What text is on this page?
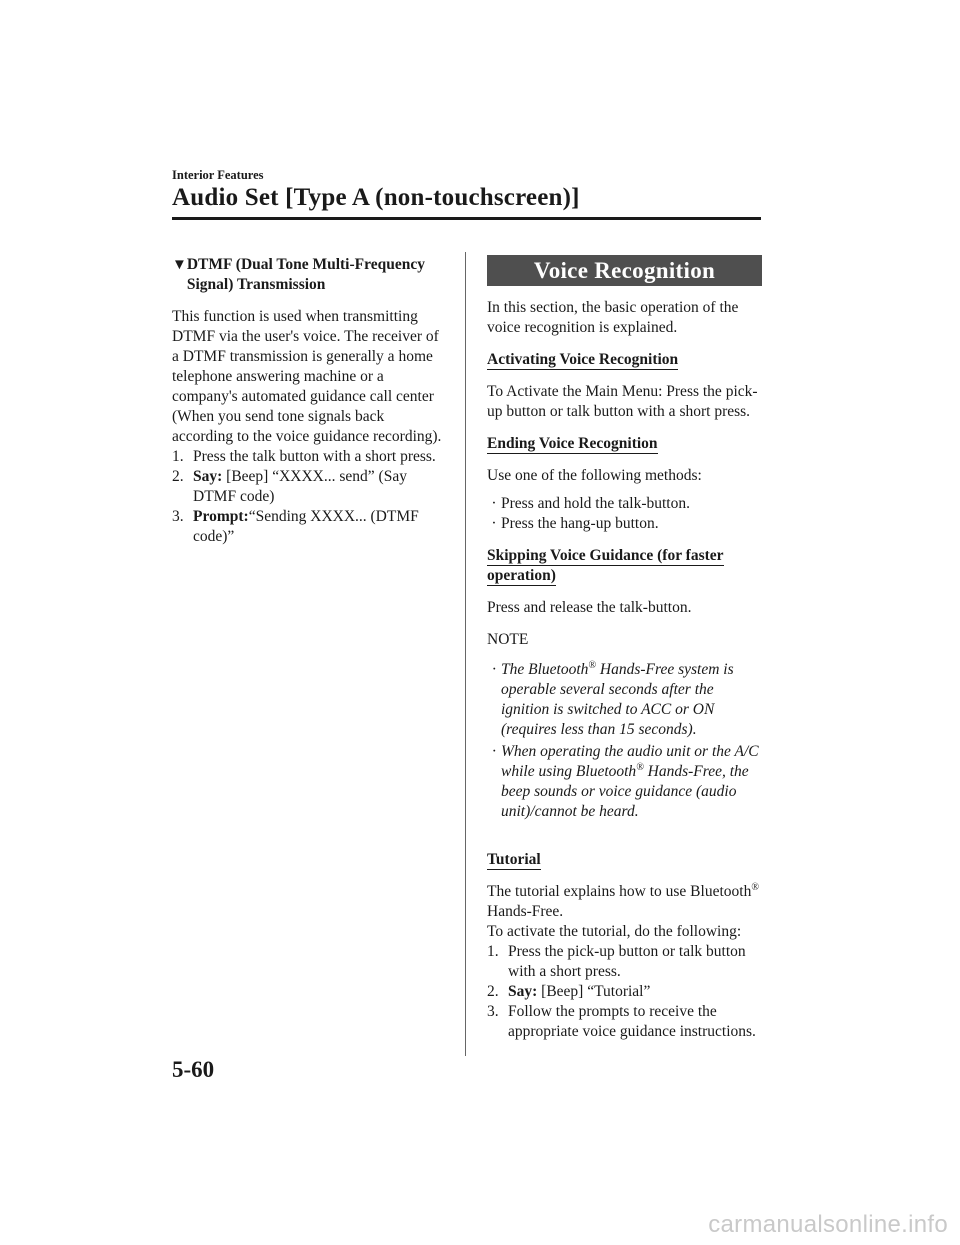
Interior Features
Audio Set [Type A (non-touchscreen)]
▼ DTMF (Dual Tone Multi-Frequency Signal) Transmission

This function is used when transmitting DTMF via the user's voice. The receiver of a DTMF transmission is generally a home telephone answering machine or a company's automated guidance call center (When you send tone signals back according to the voice guidance recording).

1. Press the talk button with a short press.
2. Say: [Beep] “XXXX... send” (Say DTMF code)
3. Prompt:“Sending XXXX... (DTMF code)”
Voice Recognition

In this section, the basic operation of the voice recognition is explained.

Activating Voice Recognition

To Activate the Main Menu: Press the pick-up button or talk button with a short press.

Ending Voice Recognition

Use one of the following methods:

· Press and hold the talk-button.
· Press the hang-up button.
Skipping Voice Guidance (for faster operation)

Press and release the talk-button.

NOTE

· The Bluetooth® Hands-Free system is operable several seconds after the ignition is switched to ACC or ON (requires less than 15 seconds).
· When operating the audio unit or the A/C while using Bluetooth® Hands-Free, the beep sounds or voice guidance (audio unit)/cannot be heard.
Tutorial

The tutorial explains how to use Bluetooth® Hands-Free.

To activate the tutorial, do the following:

1. Press the pick-up button or talk button with a short press.
2. Say: [Beep] “Tutorial”
3. Follow the prompts to receive the appropriate voice guidance instructions.
5-60
carmanualsonline.info
